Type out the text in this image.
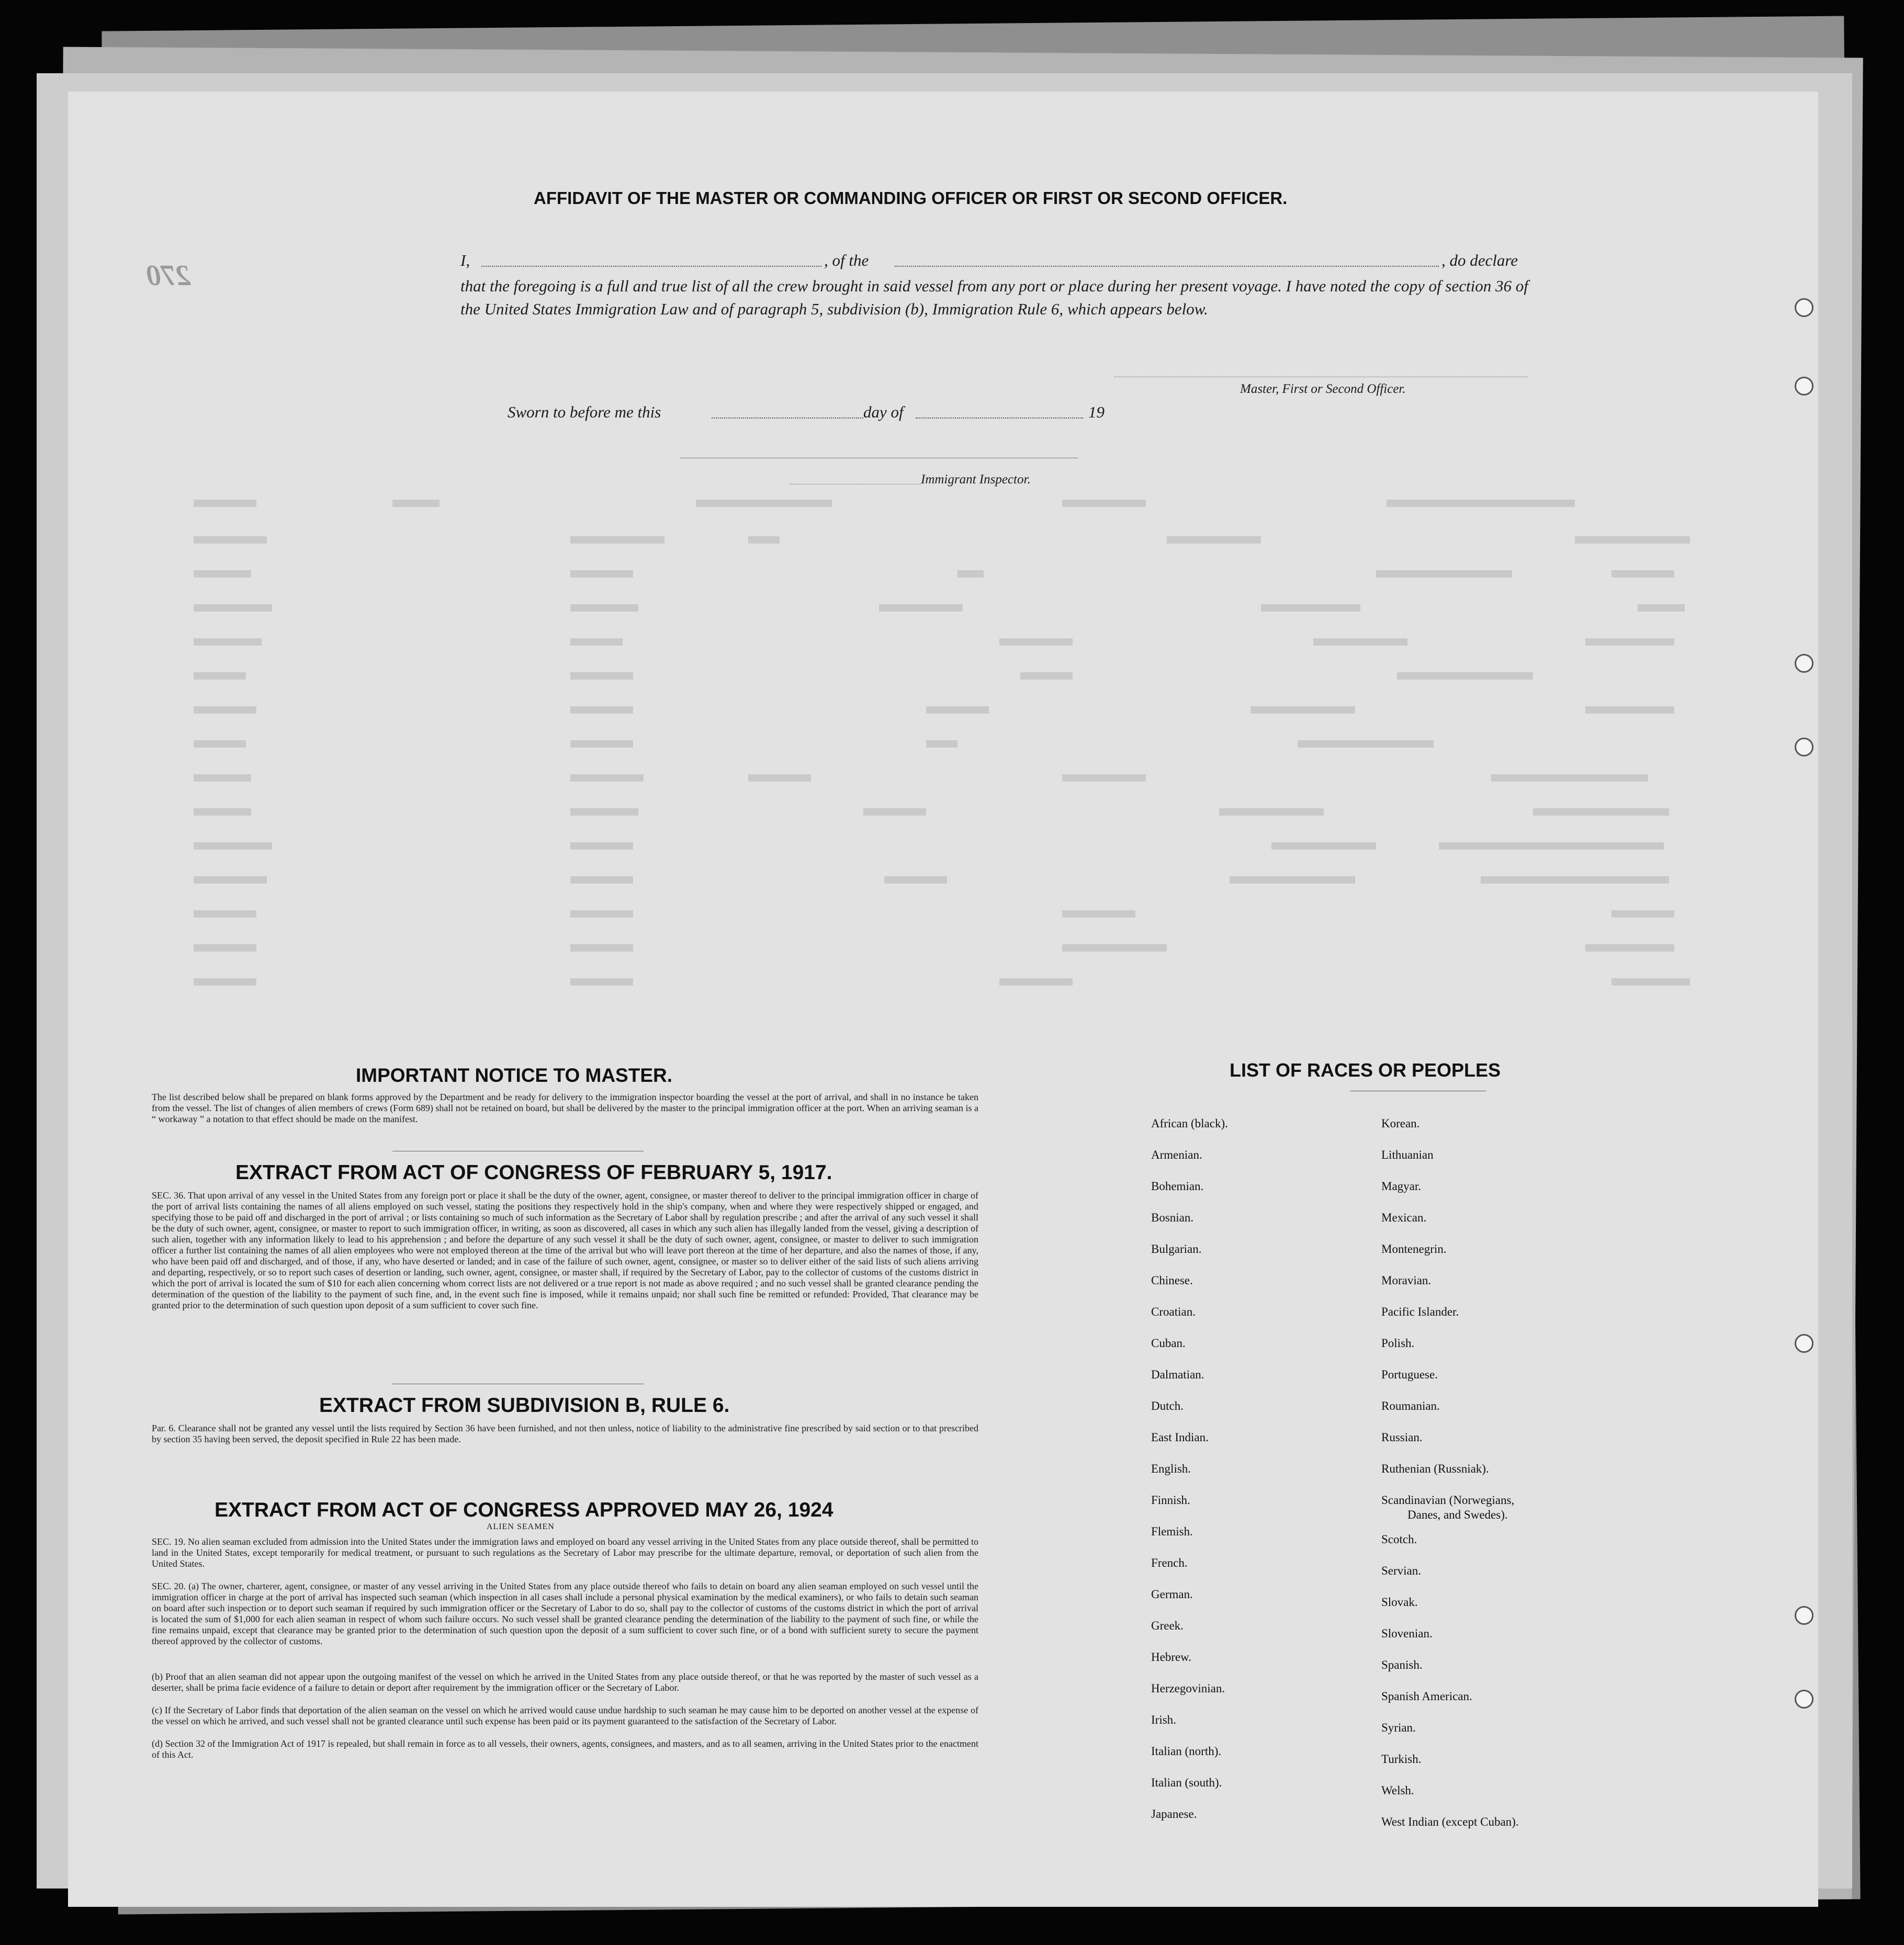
270
AFFIDAVIT OF THE MASTER OR COMMANDING OFFICER OR FIRST OR SECOND OFFICER.
I,	, of the	, do declare
that the foregoing is a full and true list of all the crew brought in said vessel from any port or place during her present voyage. I have noted the copy of section 36 of the United States Immigration Law and of paragraph 5, subdivision (b), Immigration Rule 6, which appears below.
Master, First or Second Officer.
Sworn to before me this	day of	19
Immigrant Inspector.
IMPORTANT NOTICE TO MASTER.
The list described below shall be prepared on blank forms approved by the Department and be ready for delivery to the immigration inspector boarding the vessel at the port of arrival, and shall in no instance be taken from the vessel. The list of changes of alien members of crews (Form 689) shall not be retained on board, but shall be delivered by the master to the principal immigration officer at the port. When an arriving seaman is a “ workaway ” a notation to that effect should be made on the manifest.
EXTRACT FROM ACT OF CONGRESS OF FEBRUARY 5, 1917.
SEC. 36. That upon arrival of any vessel in the United States from any foreign port or place it shall be the duty of the owner, agent, consignee, or master thereof to deliver to the principal immigration officer in charge of the port of arrival lists containing the names of all aliens employed on such vessel, stating the positions they respectively hold in the ship's company, when and where they were respectively shipped or engaged, and specifying those to be paid off and discharged in the port of arrival ; or lists containing so much of such information as the Secretary of Labor shall by regulation prescribe ; and after the arrival of any such vessel it shall be the duty of such owner, agent, consignee, or master to report to such immigration officer, in writing, as soon as discovered, all cases in which any such alien has illegally landed from the vessel, giving a description of such alien, together with any information likely to lead to his apprehension ; and before the departure of any such vessel it shall be the duty of such owner, agent, consignee, or master to deliver to such immigration officer a further list containing the names of all alien employees who were not employed thereon at the time of the arrival but who will leave port thereon at the time of her departure, and also the names of those, if any, who have been paid off and discharged, and of those, if any, who have deserted or landed; and in case of the failure of such owner, agent, consignee, or master so to deliver either of the said lists of such aliens arriving and departing, respectively, or so to report such cases of desertion or landing, such owner, agent, consignee, or master shall, if required by the Secretary of Labor, pay to the collector of customs of the customs district in which the port of arrival is located the sum of $10 for each alien concerning whom correct lists are not delivered or a true report is not made as above required ; and no such vessel shall be granted clearance pending the determination of the question of the liability to the payment of such fine, and, in the event such fine is imposed, while it remains unpaid; nor shall such fine be remitted or refunded: Provided, That clearance may be granted prior to the determination of such question upon deposit of a sum sufficient to cover such fine.
EXTRACT FROM SUBDIVISION B, RULE 6.
Par. 6. Clearance shall not be granted any vessel until the lists required by Section 36 have been furnished, and not then unless, notice of liability to the administrative fine prescribed by said section or to that prescribed by section 35 having been served, the deposit specified in Rule 22 has been made.
EXTRACT FROM ACT OF CONGRESS APPROVED MAY 26, 1924
ALIEN SEAMEN
SEC. 19. No alien seaman excluded from admission into the United States under the immigration laws and employed on board any vessel arriving in the United States from any place outside thereof, shall be permitted to land in the United States, except temporarily for medical treatment, or pursuant to such regulations as the Secretary of Labor may prescribe for the ultimate departure, removal, or deportation of such alien from the United States.
SEC. 20. (a) The owner, charterer, agent, consignee, or master of any vessel arriving in the United States from any place outside thereof who fails to detain on board any alien seaman employed on such vessel until the immigration officer in charge at the port of arrival has inspected such seaman (which inspection in all cases shall include a personal physical examination by the medical examiners), or who fails to detain such seaman on board after such inspection or to deport such seaman if required by such immigration officer or the Secretary of Labor to do so, shall pay to the collector of customs of the customs district in which the port of arrival is located the sum of $1,000 for each alien seaman in respect of whom such failure occurs. No such vessel shall be granted clearance pending the determination of the liability to the payment of such fine, or while the fine remains unpaid, except that clearance may be granted prior to the determination of such question upon the deposit of a sum sufficient to cover such fine, or of a bond with sufficient surety to secure the payment thereof approved by the collector of customs.
(b) Proof that an alien seaman did not appear upon the outgoing manifest of the vessel on which he arrived in the United States from any place outside thereof, or that he was reported by the master of such vessel as a deserter, shall be prima facie evidence of a failure to detain or deport after requirement by the immigration officer or the Secretary of Labor.
(c) If the Secretary of Labor finds that deportation of the alien seaman on the vessel on which he arrived would cause undue hardship to such seaman he may cause him to be deported on another vessel at the expense of the vessel on which he arrived, and such vessel shall not be granted clearance until such expense has been paid or its payment guaranteed to the satisfaction of the Secretary of Labor.
(d) Section 32 of the Immigration Act of 1917 is repealed, but shall remain in force as to all vessels, their owners, agents, consignees, and masters, and as to all seamen, arriving in the United States prior to the enactment of this Act.
LIST OF RACES OR PEOPLES
African (black).
Armenian.
Bohemian.
Bosnian.
Bulgarian.
Chinese.
Croatian.
Cuban.
Dalmatian.
Dutch.
East Indian.
English.
Finnish.
Flemish.
French.
German.
Greek.
Hebrew.
Herzegovinian.
Irish.
Italian (north).
Italian (south).
Japanese.
Korean.
Lithuanian
Magyar.
Mexican.
Montenegrin.
Moravian.
Pacific Islander.
Polish.
Portuguese.
Roumanian.
Russian.
Ruthenian (Russniak).
Scandinavian (Norwegians,
Danes, and Swedes).
Scotch.
Servian.
Slovak.
Slovenian.
Spanish.
Spanish American.
Syrian.
Turkish.
Welsh.
West Indian (except Cuban).
